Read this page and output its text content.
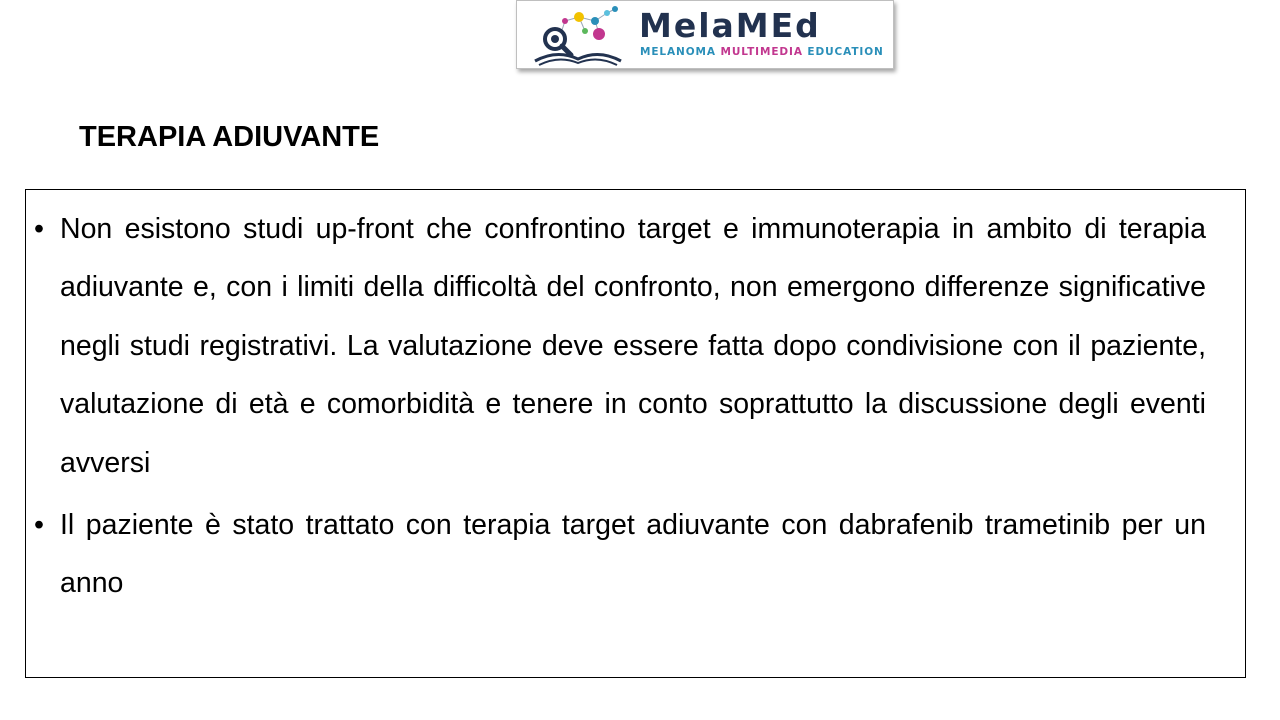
MelaMEd
MELANOMA MULTIMEDIA EDUCATION
TERAPIA ADIUVANTE
• Non esistono studi up-front che confrontino target e immunoterapia in ambito di terapia adiuvante e, con i limiti della difficoltà del confronto, non emergono differenze significative negli studi registrativi. La valutazione deve essere fatta dopo condivisione con il paziente, valutazione di età e comorbidità e tenere in conto soprattutto la discussione degli eventi avversi
• Il paziente è stato trattato con terapia target adiuvante con dabrafenib trametinib per un anno
